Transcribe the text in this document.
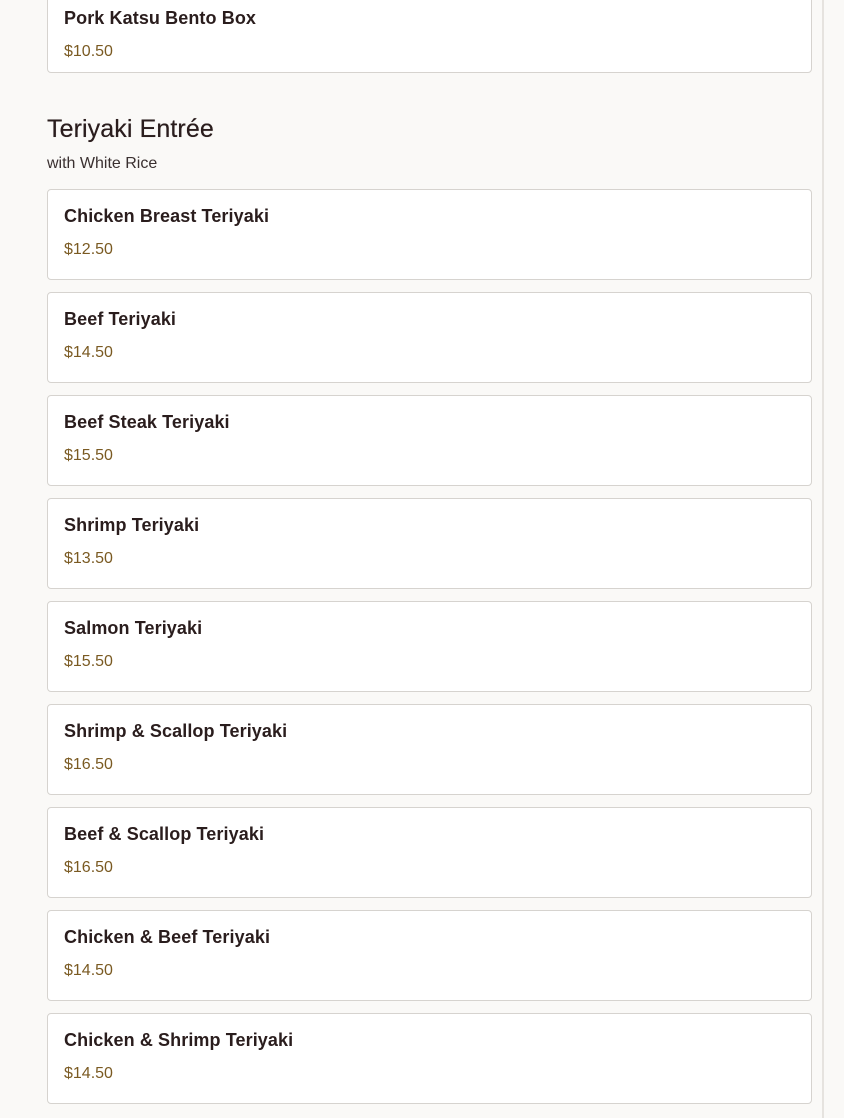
Pork Katsu Bento Box
$10.50
Teriyaki Entrée
with White Rice
Chicken Breast Teriyaki
$12.50
Beef Teriyaki
$14.50
Beef Steak Teriyaki
$15.50
Shrimp Teriyaki
$13.50
Salmon Teriyaki
$15.50
Shrimp & Scallop Teriyaki
$16.50
Beef & Scallop Teriyaki
$16.50
Chicken & Beef Teriyaki
$14.50
Chicken & Shrimp Teriyaki
$14.50
